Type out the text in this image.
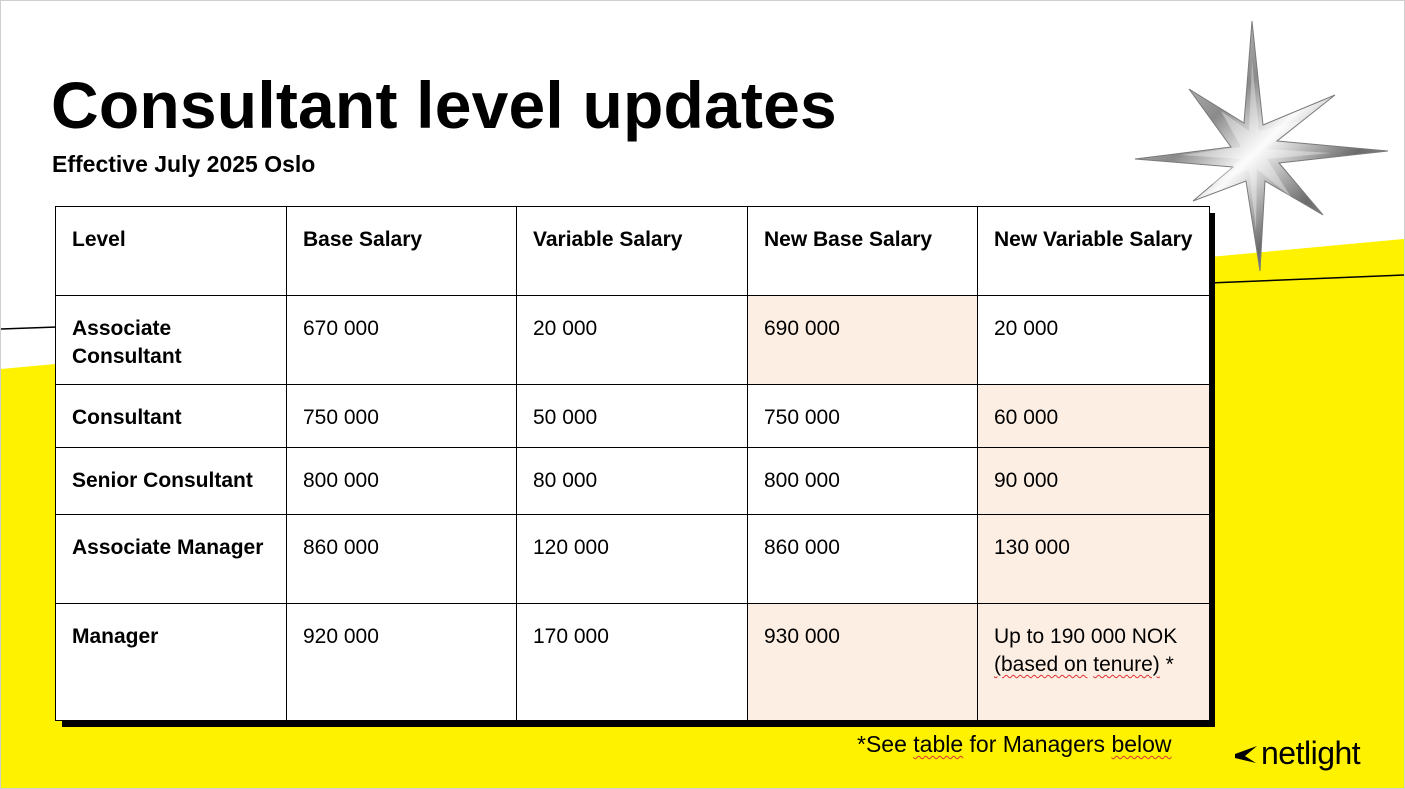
Consultant level updates

Effective July 2025 Oslo

Level	Base Salary	Variable Salary	New Base Salary	New Variable Salary
Associate Consultant	670 000	20 000	690 000	20 000
Consultant	750 000	50 000	750 000	60 000
Senior Consultant	800 000	80 000	800 000	90 000
Associate Manager	860 000	120 000	860 000	130 000
Manager	920 000	170 000	930 000	Up to 190 000 NOK (based on tenure) *
*See table for Managers below	netlight
